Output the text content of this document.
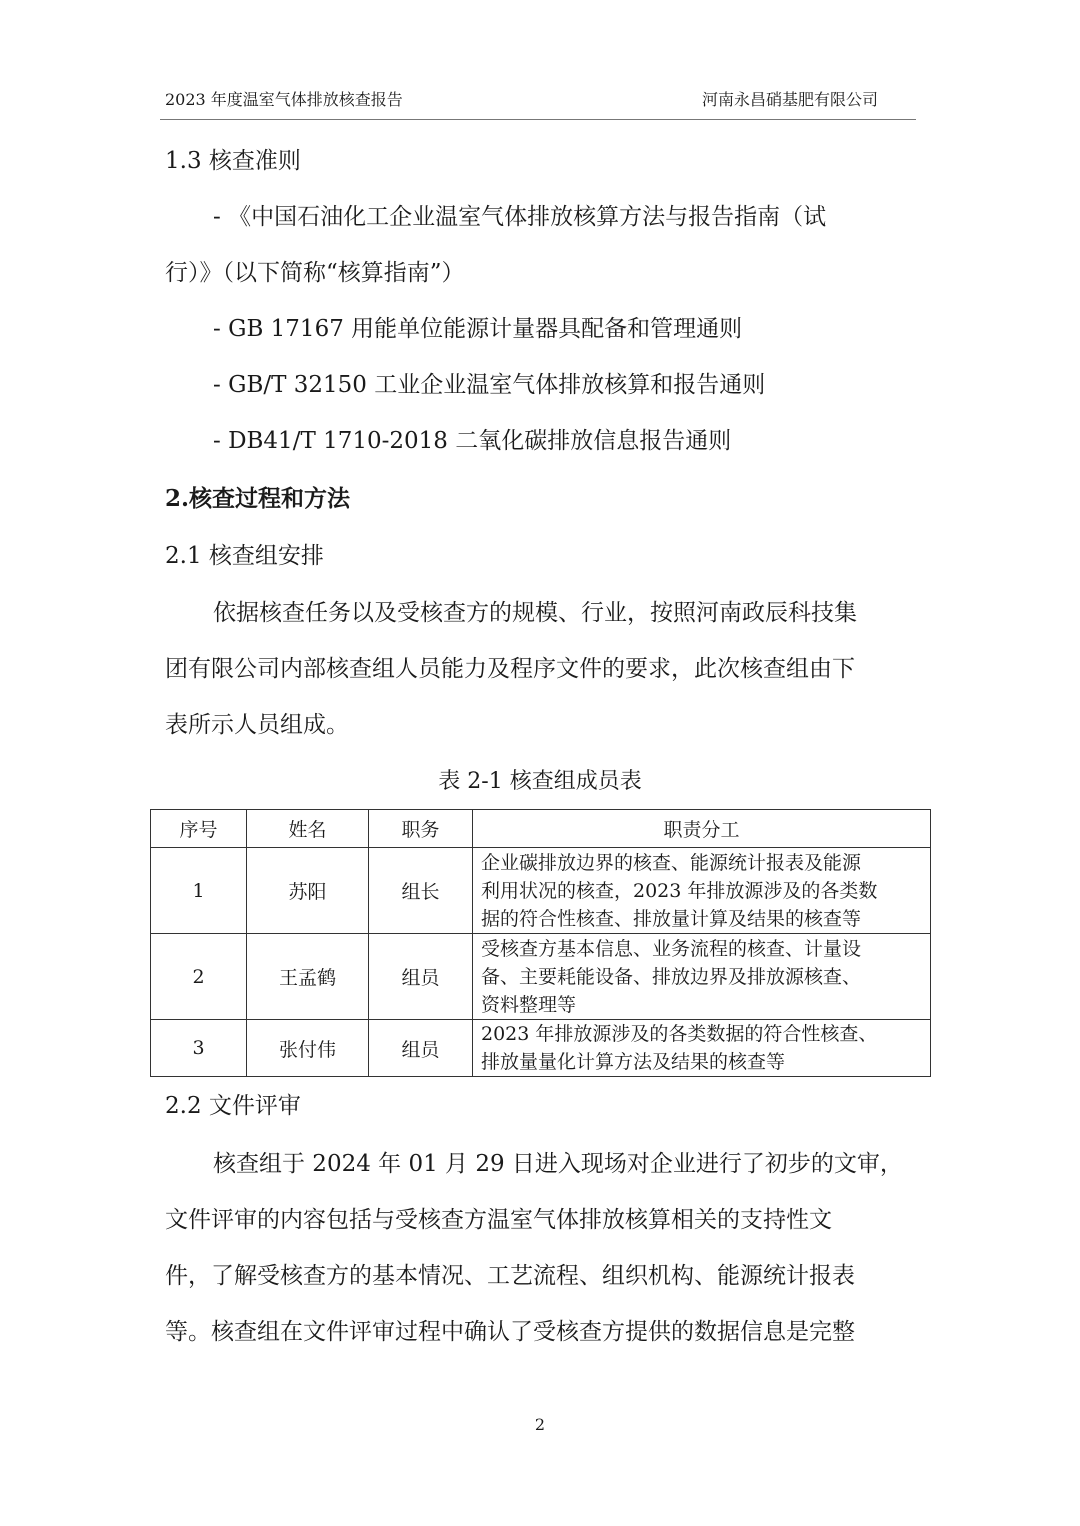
2023 年度温室气体排放核查报告	河南永昌硝基肥有限公司
1.3 核查准则
- 《中国石油化工企业温室气体排放核算方法与报告指南（试
行）》（以下简称“核算指南”）
- GB 17167 用能单位能源计量器具配备和管理通则
- GB/T 32150 工业企业温室气体排放核算和报告通则
- DB41/T 1710-2018 二氧化碳排放信息报告通则
2.核查过程和方法
2.1 核查组安排
依据核查任务以及受核查方的规模、行业，按照河南政辰科技集
团有限公司内部核查组人员能力及程序文件的要求，此次核查组由下
表所示人员组成。
表 2-1 核查组成员表
序号	姓名	职务	职责分工
1	苏阳	组长	企业碳排放边界的核查、能源统计报表及能源
利用状况的核查，2023 年排放源涉及的各类数
据的符合性核查、排放量计算及结果的核查等

2	王孟鹤	组员	受核查方基本信息、业务流程的核查、计量设
备、主要耗能设备、排放边界及排放源核查、
资料整理等

3	张付伟	组员	2023 年排放源涉及的各类数据的符合性核查、
排放量量化计算方法及结果的核查等
2.2 文件评审
核查组于 2024 年 01 月 29 日进入现场对企业进行了初步的文审，
文件评审的内容包括与受核查方温室气体排放核算相关的支持性文
件，了解受核查方的基本情况、工艺流程、组织机构、能源统计报表
等。核查组在文件评审过程中确认了受核查方提供的数据信息是完整
2
